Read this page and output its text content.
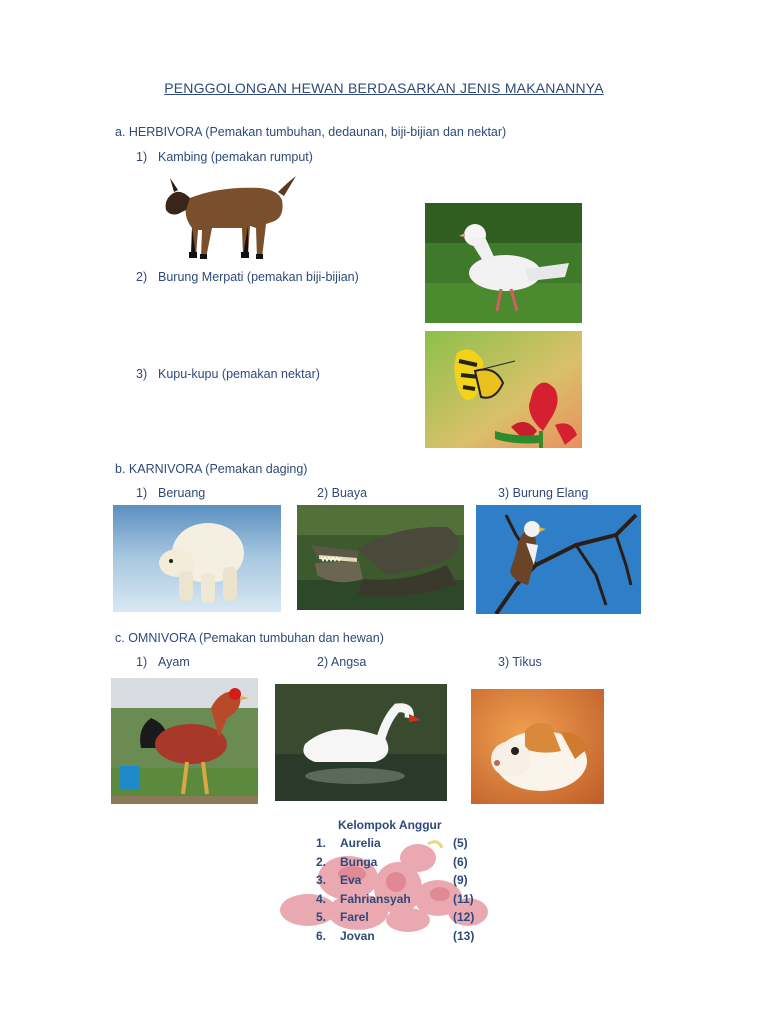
PENGGOLONGAN HEWAN BERDASARKAN JENIS MAKANANNYA
a. HERBIVORA (Pemakan tumbuhan, dedaunan, biji-bijian dan nektar)
1) Kambing (pemakan rumput)
2) Burung Merpati (pemakan biji-bijian)
3) Kupu-kupu (pemakan nektar)
b. KARNIVORA (Pemakan daging)
1) Beruang	2) Buaya	3) Burung Elang
c. OMNIVORA (Pemakan tumbuhan dan hewan)
1) Ayam	2) Angsa	3) Tikus
Kelompok Anggur
1. Aurelia	(5)
2. Bunga	(6)
3. Eva	(9)
4. Fahriansyah	(11)
5. Farel	(12)
6. Jovan	(13)
